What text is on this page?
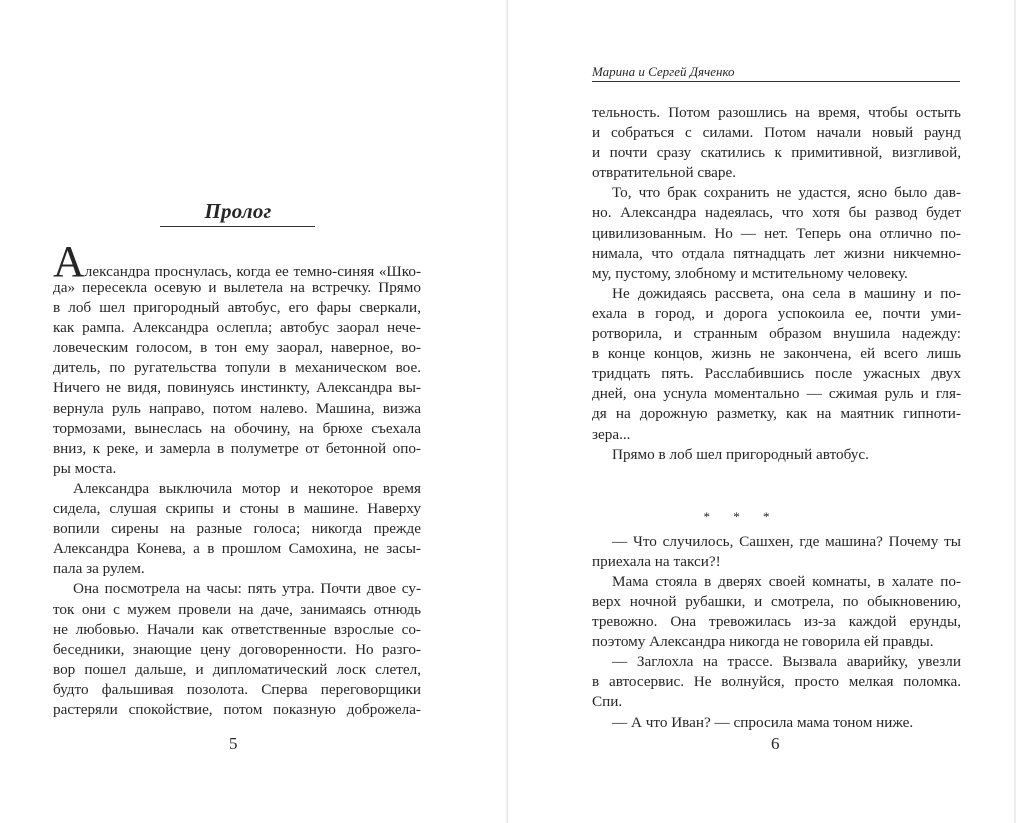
Пролог
Александра проснулась, когда ее темно-синяя «Шко-
да» пересекла осевую и вылетела на встречку. Прямо
в лоб шел пригородный автобус, его фары сверкали,
как рампа. Александра ослепла; автобус заорал нече-
ловеческим голосом, в тон ему заорал, наверное, во-
дитель, по ругательства топули в механическом вое.
Ничего не видя, повинуясь инстинкту, Александра вы-
вернула руль направо, потом налево. Машина, визжа
тормозами, вынеслась на обочину, на брюхе съехала
вниз, к реке, и замерла в полуметре от бетонной опо-
ры моста.
Александра выключила мотор и некоторое время
сидела, слушая скрипы и стоны в машине. Наверху
вопили сирены на разные голоса; никогда прежде
Александра Конева, а в прошлом Самохина, не засы-
пала за рулем.
Она посмотрела на часы: пять утра. Почти двое су-
ток они с мужем провели на даче, занимаясь отнюдь
не любовью. Начали как ответственные взрослые со-
беседники, знающие цену договоренности. Но разго-
вор пошел дальше, и дипломатический лоск слетел,
будто фальшивая позолота. Сперва переговорщики
растеряли спокойствие, потом показную доброжела-

5

Марина и Сергей Дяченко

тельность. Потом разошлись на время, чтобы остыть
и собраться с силами. Потом начали новый раунд
и почти сразу скатились к примитивной, визгливой,
отвратительной сваре.
То, что брак сохранить не удастся, ясно было дав-
но. Александра надеялась, что хотя бы развод будет
цивилизованным. Но — нет. Теперь она отлично по-
нимала, что отдала пятнадцать лет жизни никчемно-
му, пустому, злобному и мстительному человеку.
Не дожидаясь рассвета, она села в машину и по-
ехала в город, и дорога успокоила ее, почти уми-
ротворила, и странным образом внушила надежду:
в конце концов, жизнь не закончена, ей всего лишь
тридцать пять. Расслабившись после ужасных двух
дней, она уснула моментально — сжимая руль и гля-
дя на дорожную разметку, как на маятник гипноти-
зера...
Прямо в лоб шел пригородный автобус.
* * *
— Что случилось, Сашхен, где машина? Почему ты
приехала на такси?!
Мама стояла в дверях своей комнаты, в халате по-
верх ночной рубашки, и смотрела, по обыкновению,
тревожно. Она тревожилась из-за каждой ерунды,
поэтому Александра никогда не говорила ей правды.
— Заглохла на трассе. Вызвала аварийку, увезли
в автосервис. Не волнуйся, просто мелкая поломка.
Спи.
— А что Иван? — спросила мама тоном ниже.

6
